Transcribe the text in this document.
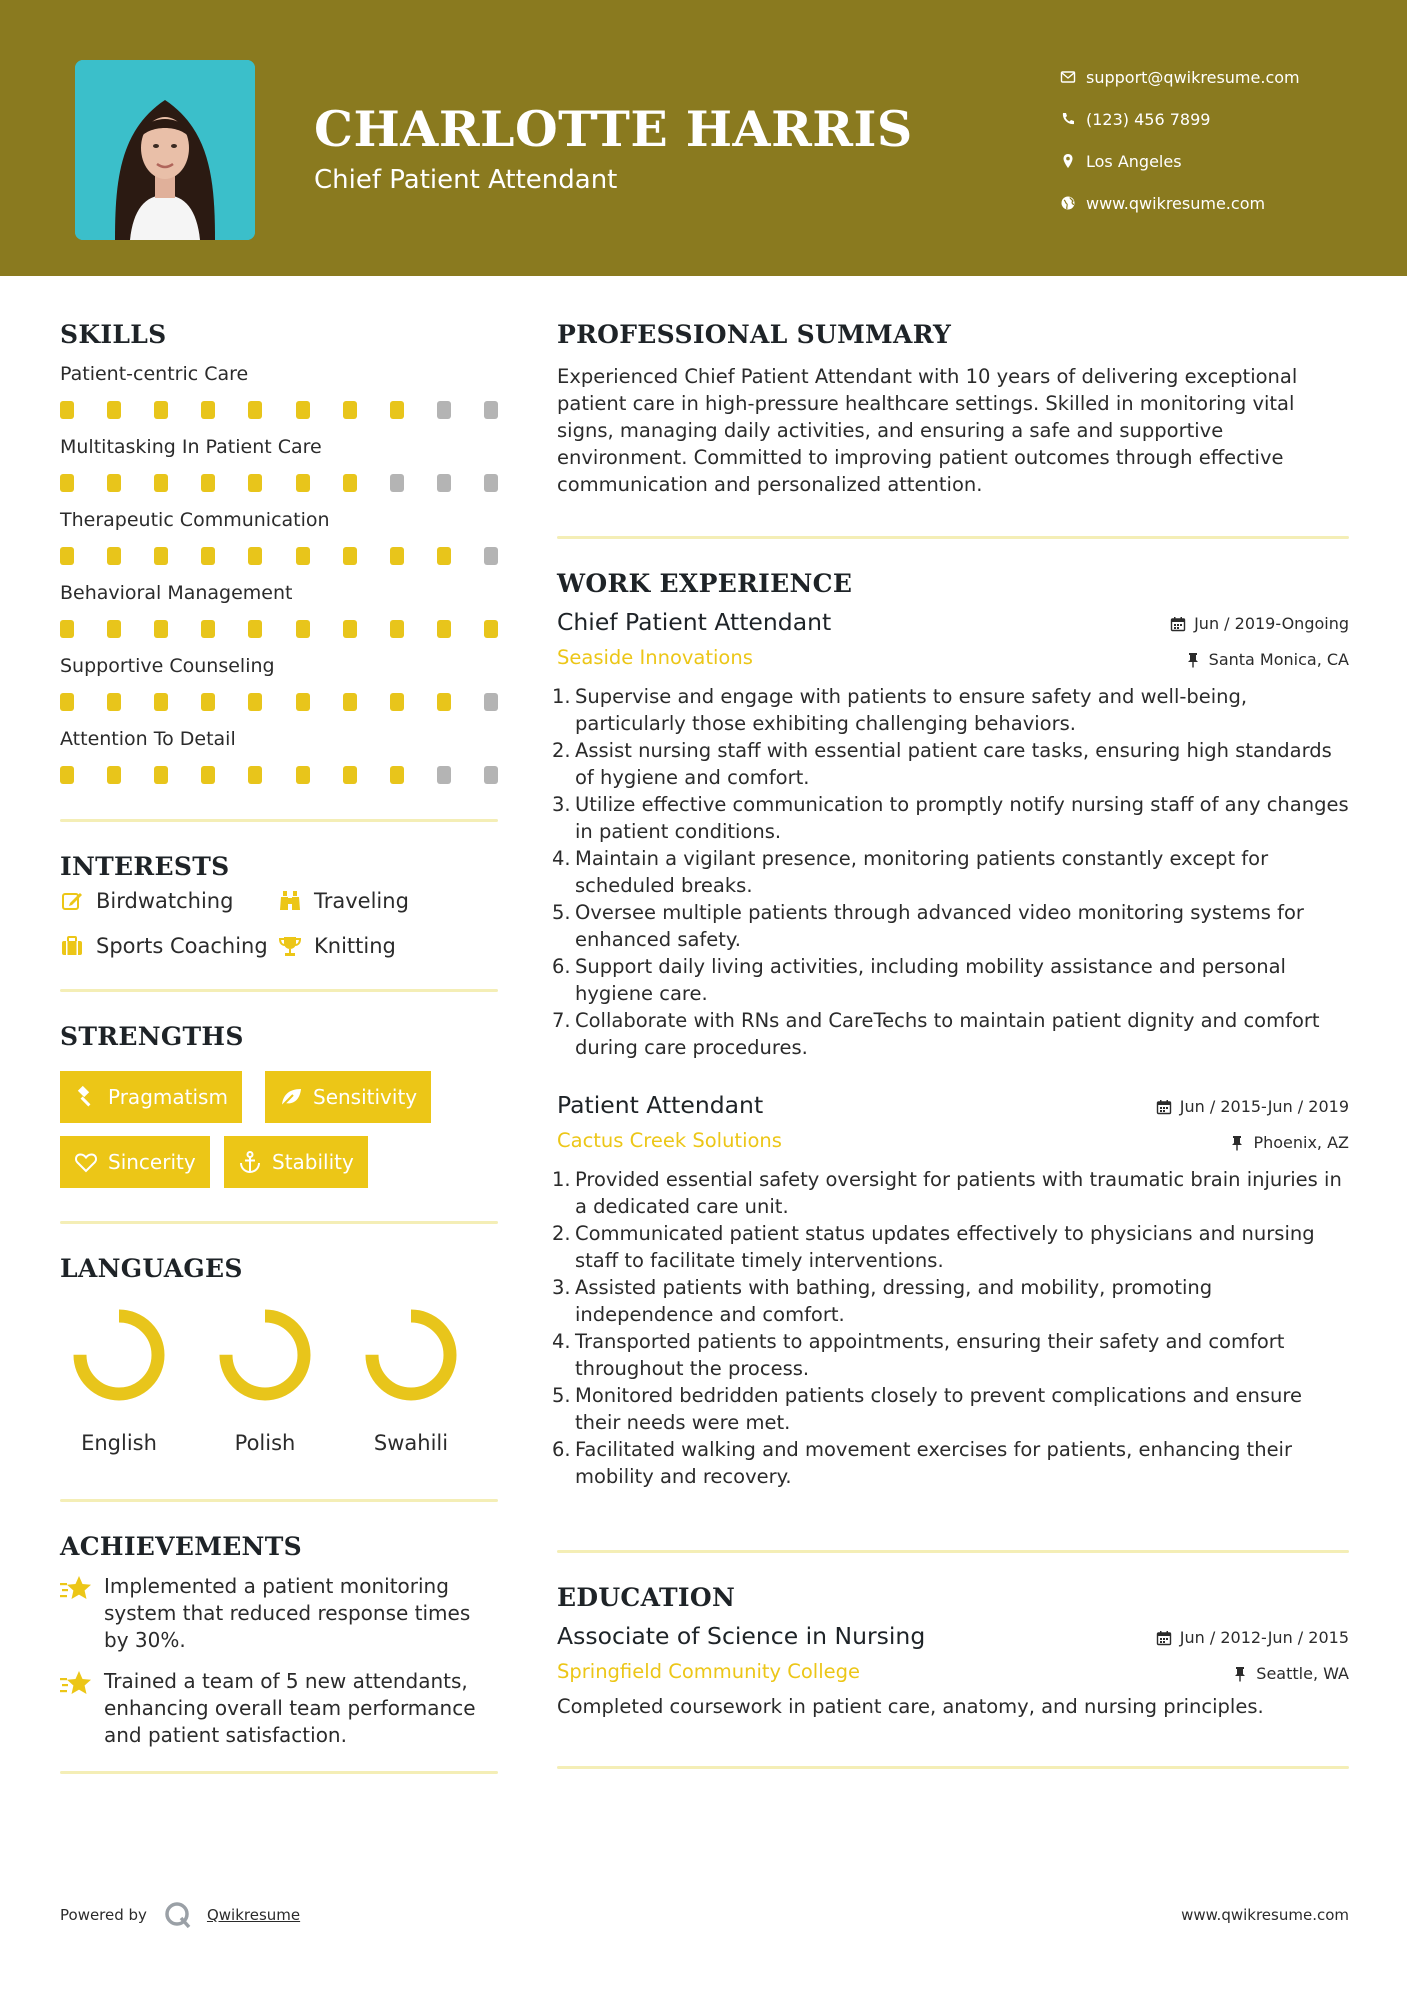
CHARLOTTE HARRIS
Chief Patient Attendant
support@qwikresume.com
(123) 456 7899
Los Angeles
www.qwikresume.com
SKILLS
Patient-centric Care
Multitasking In Patient Care
Therapeutic Communication
Behavioral Management
Supportive Counseling
Attention To Detail
INTERESTS
Birdwatching	Traveling
Sports Coaching Knitting
STRENGTHS
Pragmatism	Sensitivity
Sincerity	Stability
LANGUAGES
English	Polish	Swahili
ACHIEVEMENTS
Implemented a patient monitoring system that reduced response times by 30%.
Trained a team of 5 new attendants, enhancing overall team performance and patient satisfaction.
PROFESSIONAL SUMMARY

Experienced Chief Patient Attendant with 10 years of delivering exceptional patient care in high-pressure healthcare settings. Skilled in monitoring vital signs, managing daily activities, and ensuring a safe and supportive environment. Committed to improving patient outcomes through effective communication and personalized attention.

WORK EXPERIENCE
Chief Patient Attendant	Jun / 2019-Ongoing
Seaside Innovations	Santa Monica, CA
1. Supervise and engage with patients to ensure safety and well-being, particularly those exhibiting challenging behaviors.
2. Assist nursing staff with essential patient care tasks, ensuring high standards of hygiene and comfort.
3. Utilize effective communication to promptly notify nursing staff of any changes in patient conditions.
4. Maintain a vigilant presence, monitoring patients constantly except for scheduled breaks.
5. Oversee multiple patients through advanced video monitoring systems for enhanced safety.
6. Support daily living activities, including mobility assistance and personal hygiene care.
7. Collaborate with RNs and CareTechs to maintain patient dignity and comfort during care procedures.
Patient Attendant	Jun / 2015-Jun / 2019
Cactus Creek Solutions	Phoenix, AZ
1. Provided essential safety oversight for patients with traumatic brain injuries in a dedicated care unit.
2. Communicated patient status updates effectively to physicians and nursing staff to facilitate timely interventions.
3. Assisted patients with bathing, dressing, and mobility, promoting independence and comfort.
4. Transported patients to appointments, ensuring their safety and comfort throughout the process.
5. Monitored bedridden patients closely to prevent complications and ensure their needs were met.
6. Facilitated walking and movement exercises for patients, enhancing their mobility and recovery.
EDUCATION
Associate of Science in Nursing	Jun / 2012-Jun / 2015
Springfield Community College	Seattle, WA

Completed coursework in patient care, anatomy, and nursing principles.

Powered by	Qwikresume	www.qwikresume.com
